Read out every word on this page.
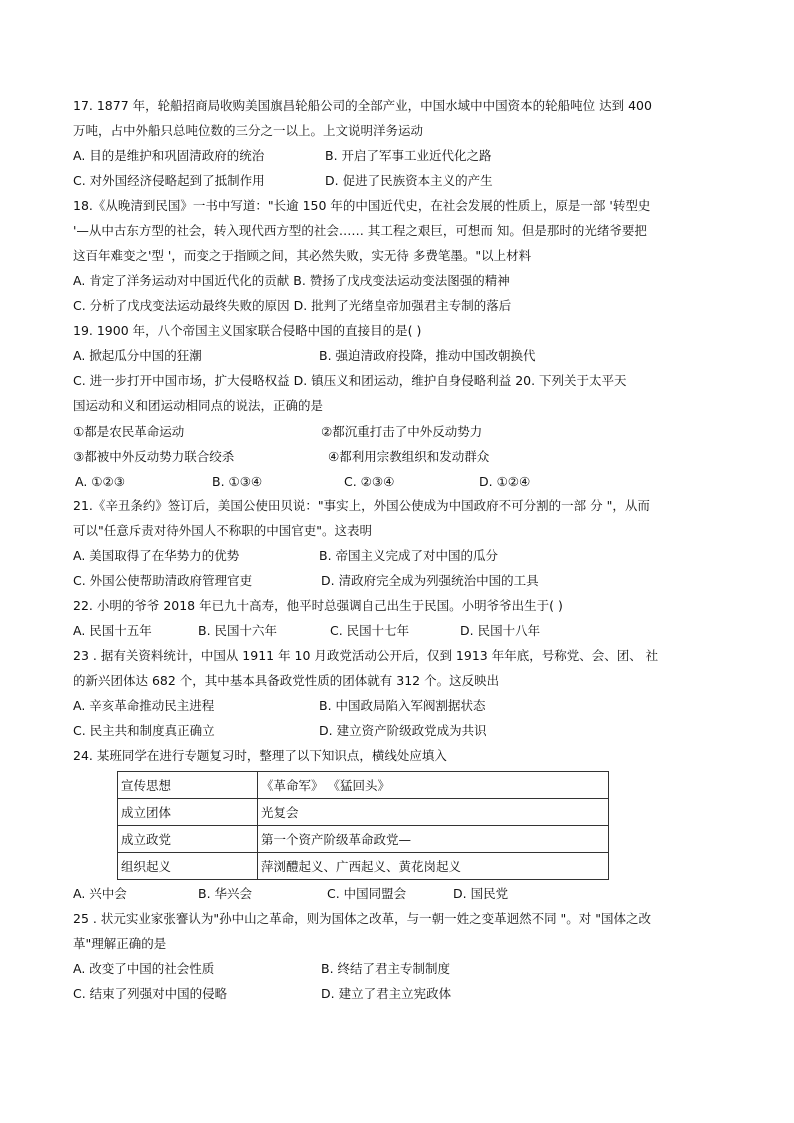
17. 1877 年，轮船招商局收购美国旗昌轮船公司的全部产业，中国水域中中国资本的轮船吨位 达到 400
万吨，占中外船只总吨位数的三分之一以上。上文说明洋务运动
A. 目的是维护和巩固清政府的统治	B. 开启了军事工业近代化之路
C. 对外国经济侵略起到了抵制作用	D. 促进了民族资本主义的产生
18.《从晚清到民国》一书中写道："长逾 150 年的中国近代史，在社会发展的性质上，原是一部 '转型史
'—从中古东方型的社会，转入现代西方型的社会…… 其工程之艰巨，可想而 知。但是那时的光绪爷要把
这百年难变之'型 '，而变之于指顾之间，其必然失败，实无待 多费笔墨。"以上材料
A. 肯定了洋务运动对中国近代化的贡献 B. 赞扬了戊戌变法运动变法图强的精神
C. 分析了戊戌变法运动最终失败的原因 D. 批判了光绪皇帝加强君主专制的落后
19. 1900 年，八个帝国主义国家联合侵略中国的直接目的是( )
A. 掀起瓜分中国的狂潮	B. 强迫清政府投降，推动中国改朝换代
C. 进一步打开中国市场，扩大侵略权益 D. 镇压义和团运动，维护自身侵略利益 20. 下列关于太平天
国运动和义和团运动相同点的说法，正确的是
①都是农民革命运动	②都沉重打击了中外反动势力
③都被中外反动势力联合绞杀	④都利用宗教组织和发动群众
A. ①②③	B. ①③④	C. ②③④	D. ①②④
21.《辛丑条约》签订后，美国公使田贝说："事实上，外国公使成为中国政府不可分割的一部 分 "，从而
可以"任意斥责对待外国人不称职的中国官吏"。这表明
A. 美国取得了在华势力的优势	B. 帝国主义完成了对中国的瓜分
C. 外国公使帮助清政府管理官吏	D. 清政府完全成为列强统治中国的工具
22. 小明的爷爷 2018 年已九十高寿，他平时总强调自己出生于民国。小明爷爷出生于( )
A. 民国十五年	B. 民国十六年	C. 民国十七年	D. 民国十八年
23 . 据有关资料统计，中国从 1911 年 10 月政党活动公开后，仅到 1913 年年底，号称党、会、团、 社
的新兴团体达 682 个，其中基本具备政党性质的团体就有 312 个。这反映出
A. 辛亥革命推动民主进程	B. 中国政局陷入军阀割据状态
C. 民主共和制度真正确立	D. 建立资产阶级政党成为共识
24. 某班同学在进行专题复习时，整理了以下知识点，横线处应填入
宣传思想	《革命军》 《猛回头》
成立团体	光复会
成立政党	第一个资产阶级革命政党—
组织起义	萍浏醴起义、广西起义、黄花岗起义
A. 兴中会	B. 华兴会	C. 中国同盟会	D. 国民党
25 . 状元实业家张謇认为"孙中山之革命，则为国体之改革，与一朝一姓之变革迥然不同 "。对 "国体之改
革"理解正确的是
A. 改变了中国的社会性质	B. 终结了君主专制制度
C. 结束了列强对中国的侵略	D. 建立了君主立宪政体
